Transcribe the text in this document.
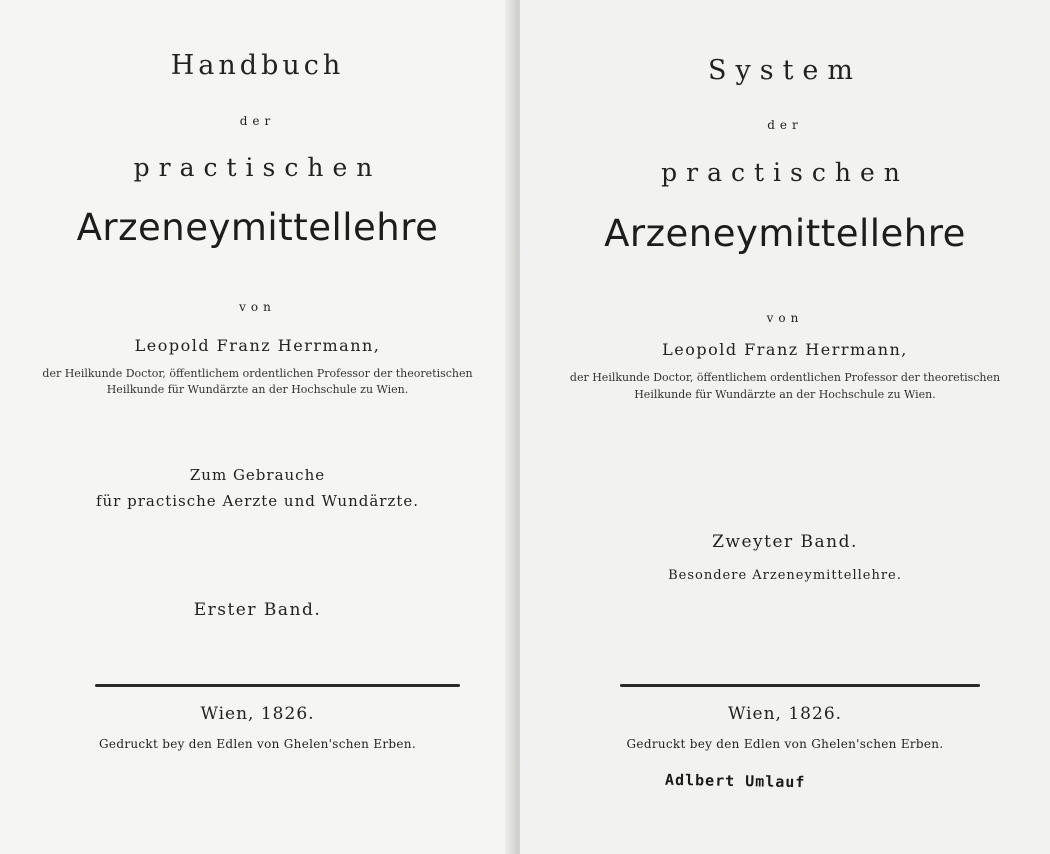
Handbuch
der
practischen
Arzeneymittellehre
von
Leopold Franz Herrmann,
der Heilkunde Doctor, öffentlichem ordentlichen Professor der theoretischen
Heilkunde für Wundärzte an der Hochschule zu Wien.
Zum Gebrauche
für practische Aerzte und Wundärzte.
Erster Band.
Wien, 1826.
Gedruckt bey den Edlen von Ghelen'schen Erben.
System
der
practischen
Arzeneymittellehre
von
Leopold Franz Herrmann,
der Heilkunde Doctor, öffentlichem ordentlichen Professor der theoretischen
Heilkunde für Wundärzte an der Hochschule zu Wien.
Zweyter Band.
Besondere Arzeneymittellehre.
Wien, 1826.
Gedruckt bey den Edlen von Ghelen'schen Erben.
Adlbert Umlauf
